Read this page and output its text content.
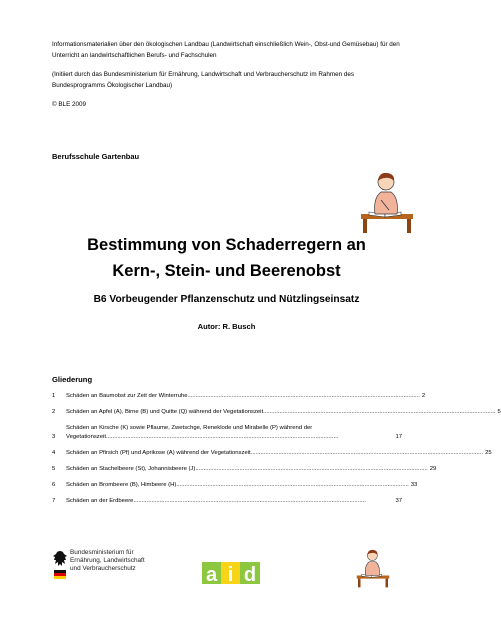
Informationsmaterialien über den ökologischen Landbau (Landwirtschaft einschließlich Wein-, Obst-und Gemüsebau) für den Unterricht an landwirtschaftlichen Berufs- und Fachschulen

(Initiiert durch das Bundesministerium für Ernährung, Landwirtschaft und Verbraucherschutz im Rahmen des Bundesprogramms Ökologischer Landbau)

© BLE 2009

Berufsschule Gartenbau
Bestimmung von Schaderregern an
Kern-, Stein- und Beerenobst
B6 Vorbeugender Pflanzenschutz und Nützlingseinsatz
Autor: R. Busch
Gliederung
1	Schäden an Baumobst zur Zeit der Winterruhe .............................................................................................................................................. 2
2	Schäden an Apfel (A), Birne (B) und Quitte (Q) während der Vegetationszeit .............................................................................................................................................. 5
3
Schäden an Kirsche (K) sowie Pflaume, Zwetschge, Reneklode und Mirabelle (P) während der
Vegetationszeit ..............................................................................................................................................	17
4	Schäden an Pfirsich (Pf) und Aprikose (A) während der Vegetationszeit .............................................................................................................................................. 25
5	Schäden an Stachelbeere (St), Johannisbeere (J) .............................................................................................................................................. 29
6	Schäden an Brombeere (B), Himbeere (H) .............................................................................................................................................. 33
7	Schäden an der Erdbeere ..............................................................................................................................................	37
Bundesministerium für
Ernährung, Landwirtschaft
und Verbraucherschutz	a i d
